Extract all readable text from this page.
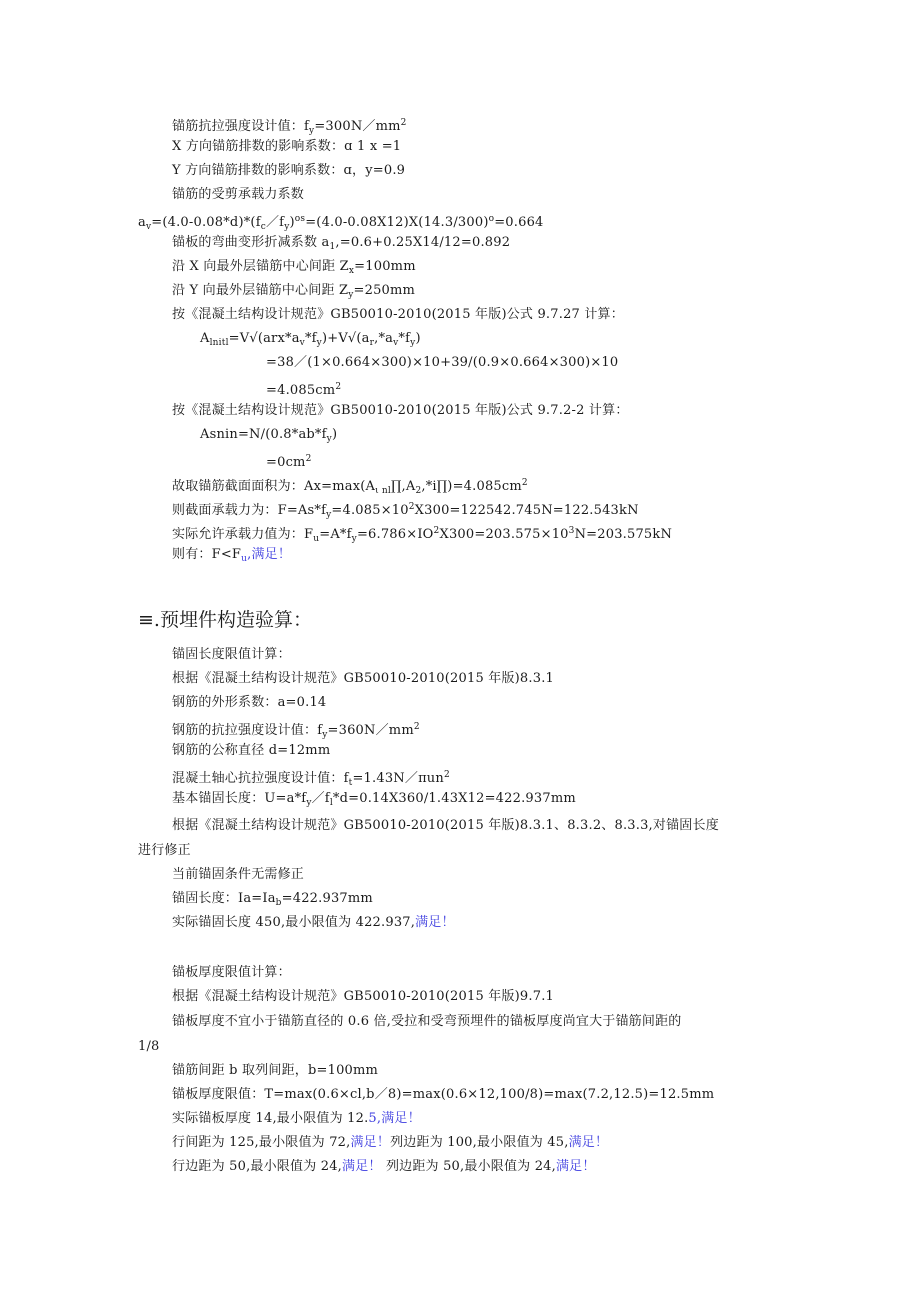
锚筋抗拉强度设计值：$f_y=300N/mm^2$
X 方向锚筋排数的影响系数：ɑ 1 x =1
Y 方向锚筋排数的影响系数：ɑ，y=0.9
锚筋的受剪承载力系数
$a_v=(4.0-0.08*d)*(f_c/f_y)^{os}=(4.0-0.08X12)X(14.3/300)^o=0.664$
锚板的弯曲变形折减系数 $a_1,=0.6+0.25X14/12=0.892$
沿 X 向最外层锚筋中心间距 $Z_x=100mm$
沿 Y 向最外层锚筋中心间距 $Z_y=250mm$
按《混凝土结构设计规范》GB50010-2010(2015 年版)公式 9.7.27 计算：
$A_{lnitl}=V√(arx*a_v*f_y)+V√(a_r,*a_v*f_y)$
=38／(1×0.664×300)×10+39/(0.9×0.664×300)×10
$=4.085cm^2$
按《混凝土结构设计规范》GB50010-2010(2015 年版)公式 9.7.2-2 计算：
$Asnin=N/(0.8*ab*f_y)$
$=0cm^2$
故取锚筋截面面积为：$Ax=\max(A_{\iota nl}\prod,A_2,*i\prod)=4.085cm^2$
则截面承载力为：$F=As*f_y=4.085\times 10^2X300=122542.745N=122.543kN$
实际允许承载力值为：$F_u=A*f_y=6.786\times IO^2X300=203.575\times 10^3N=203.575kN$
则有：$F<F_u$,满足！
≡.预埋件构造验算：
锚固长度限值计算：
根据《混凝土结构设计规范》GB50010-2010(2015 年版)8.3.1
钢筋的外形系数：a=0.14
钢筋的抗拉强度设计值：$f_y=360N/mm^2$
钢筋的公称直径 d=12mm
混凝土轴心抗拉强度设计值：$f_t=1.43N/\pi un^2$
基本锚固长度：$U=a*f_y/f_l*d=0.14X360/1.43X12=422.937mm$
根据《混凝土结构设计规范》GB50010-2010(2015 年版)8.3.1、8.3.2、8.3.3,对锚固长度
进行修正
当前锚固条件无需修正
锚固长度：$Ia=Ia_b=422.937mm$
实际锚固长度 450,最小限值为 422.937,满足！
锚板厚度限值计算：
根据《混凝土结构设计规范》GB50010-2010(2015 年版)9.7.1
锚板厚度不宜小于锚筋直径的 0.6 倍,受拉和受弯预埋件的锚板厚度尚宜大于锚筋间距的
1/8
锚筋间距 b 取列间距，b=100mm
锚板厚度限值：T=max(0.6×cl,b／8)=max(0.6×12,100/8)=max(7.2,12.5)=12.5mm
实际锚板厚度 14,最小限值为 12.5,满足！
行间距为 125,最小限值为 72,满足！列边距为 100,最小限值为 45,满足！
行边距为 50,最小限值为 24,满足！ 列边距为 50,最小限值为 24,满足！
